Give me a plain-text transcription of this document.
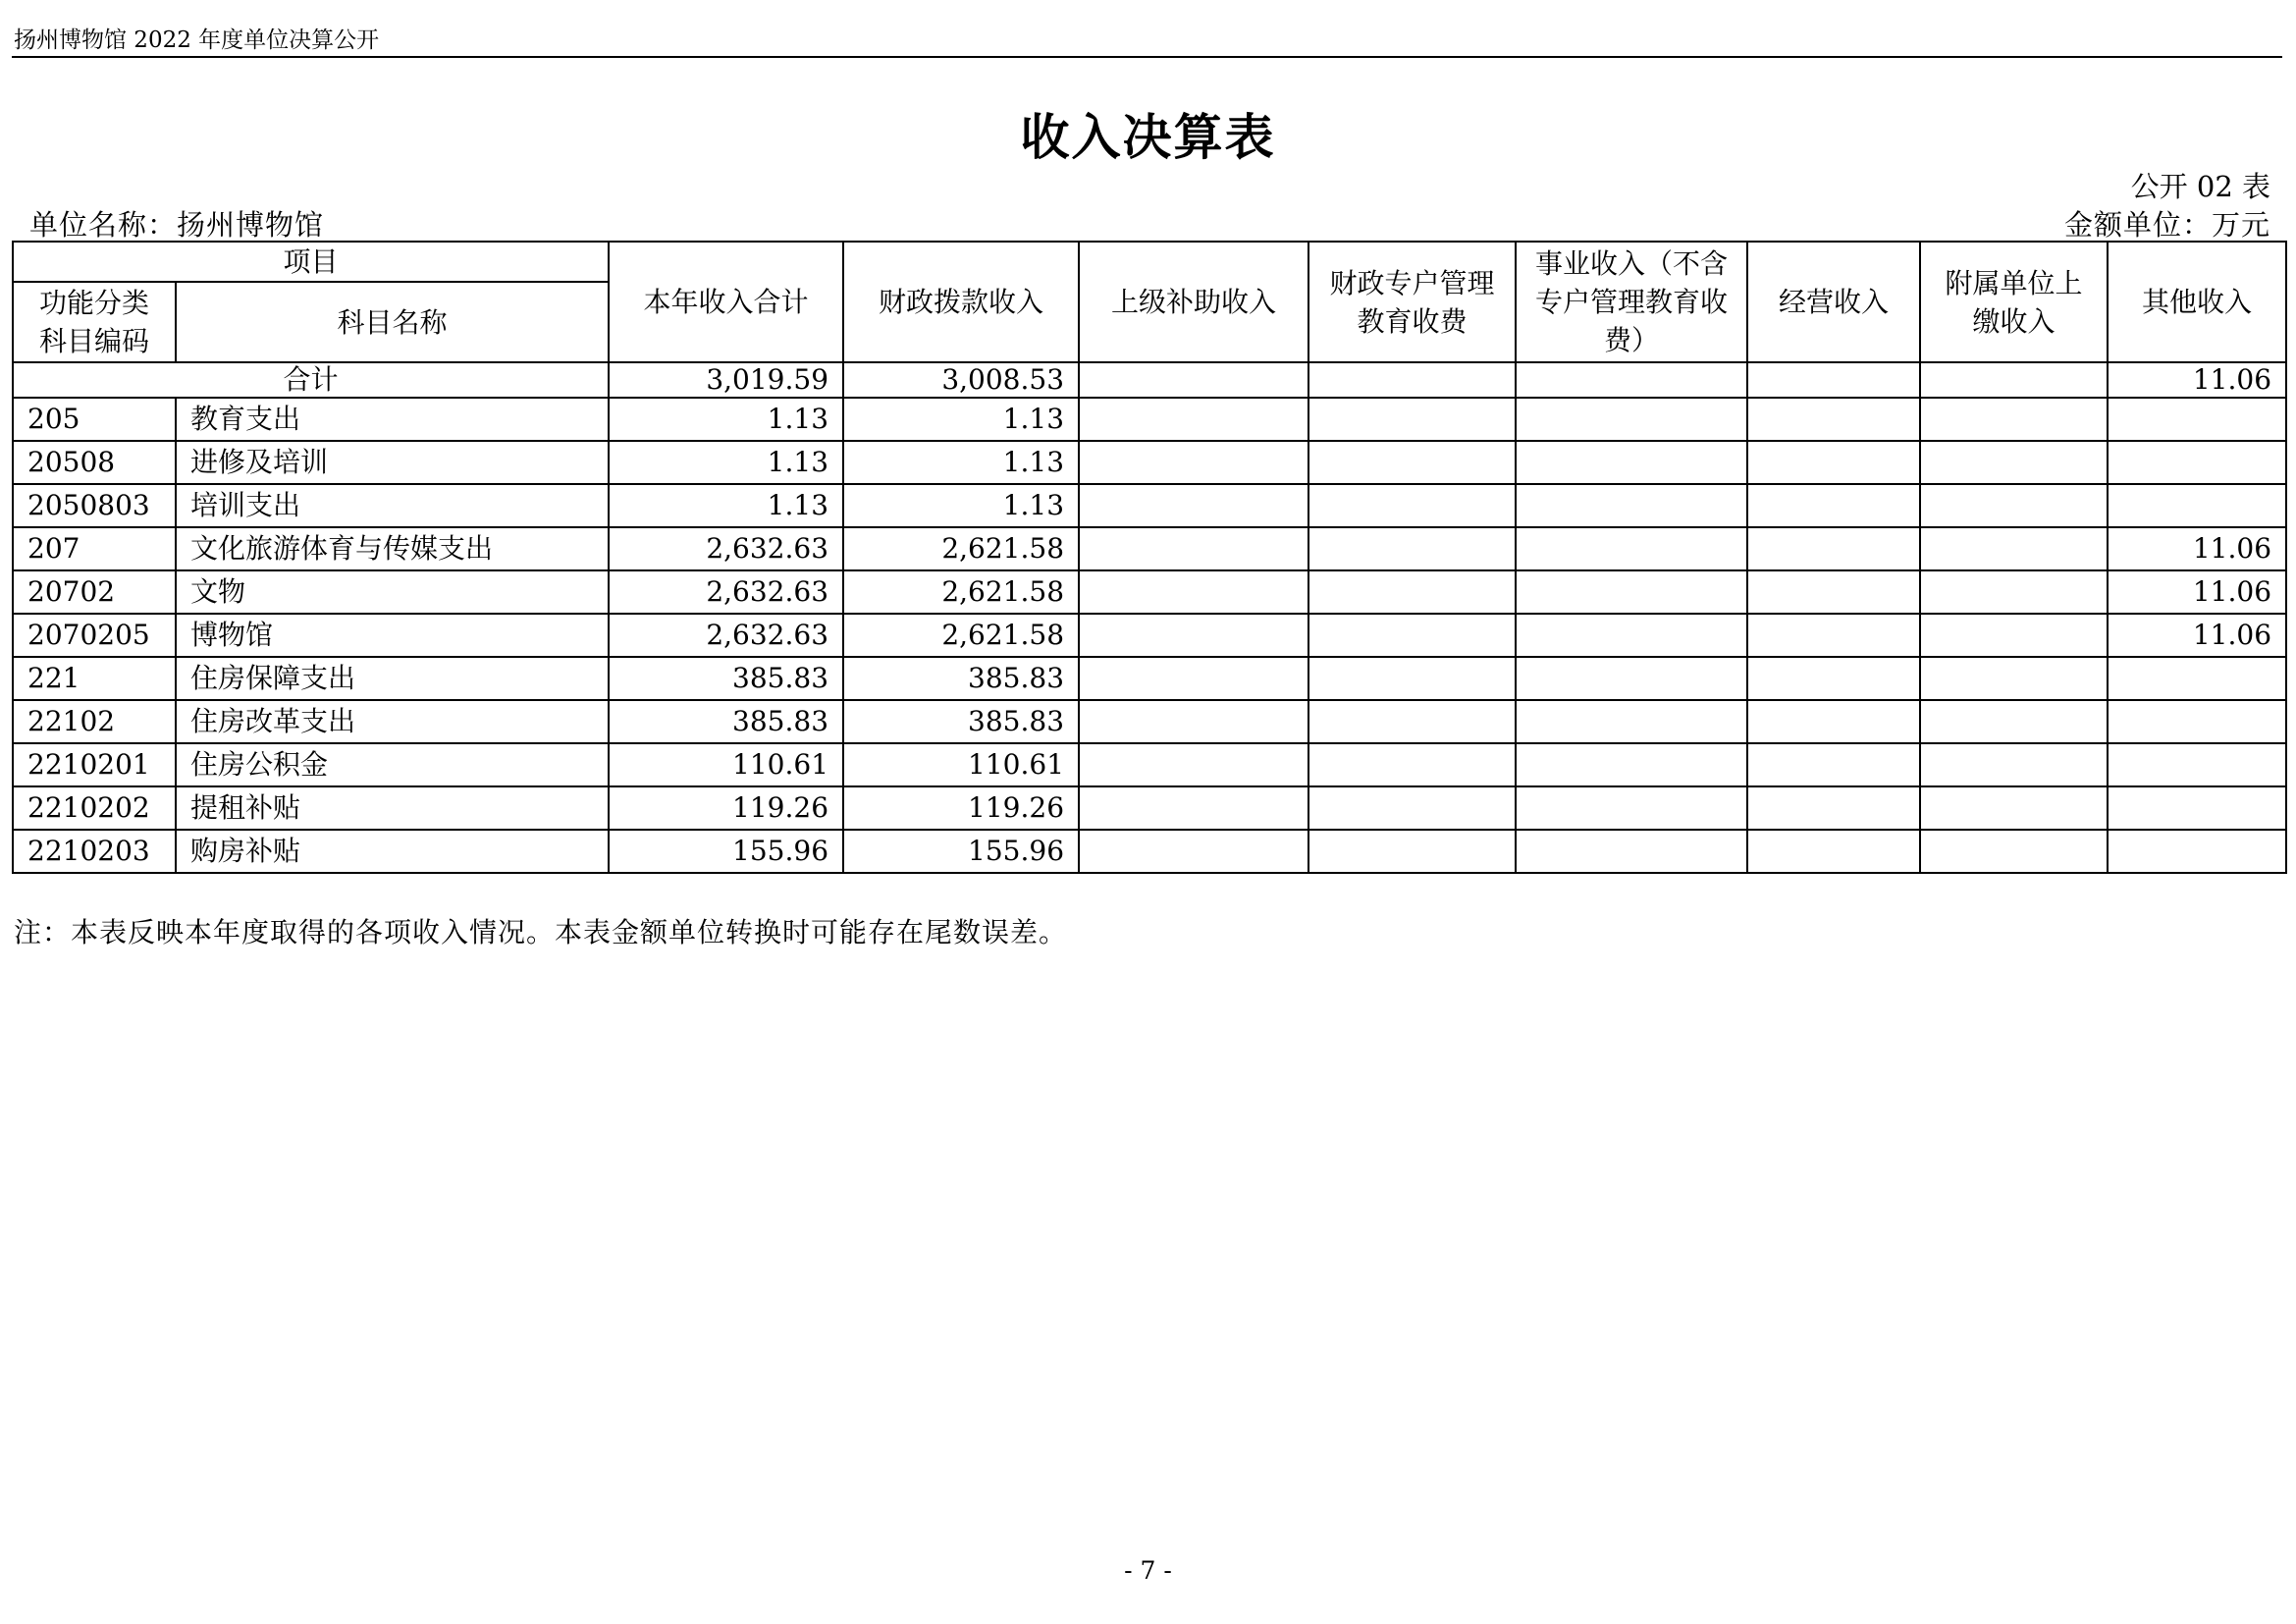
扬州博物馆 2022 年度单位决算公开
收入决算表
公开 02 表
单位名称：扬州博物馆	金额单位：万元
项目		本年收入合计	财政拨款收入	上级补助收入	财政专户管理教育收费	事业收入（不含专户管理教育收费）	经营收入	附属单位上缴收入	其他收入
功能分类科目编码	科目名称								
合计		3,019.59	3,008.53						11.06
205	教育支出	1.13	1.13						
20508	进修及培训	1.13	1.13						
2050803	培训支出	1.13	1.13						
207	文化旅游体育与传媒支出	2,632.63	2,621.58						11.06
20702	文物	2,632.63	2,621.58						11.06
2070205	博物馆	2,632.63	2,621.58						11.06
221	住房保障支出	385.83	385.83						
22102	住房改革支出	385.83	385.83						
2210201	住房公积金	110.61	110.61						
2210202	提租补贴	119.26	119.26						
2210203	购房补贴	155.96	155.96						
注：本表反映本年度取得的各项收入情况。本表金额单位转换时可能存在尾数误差。
- 7 -
